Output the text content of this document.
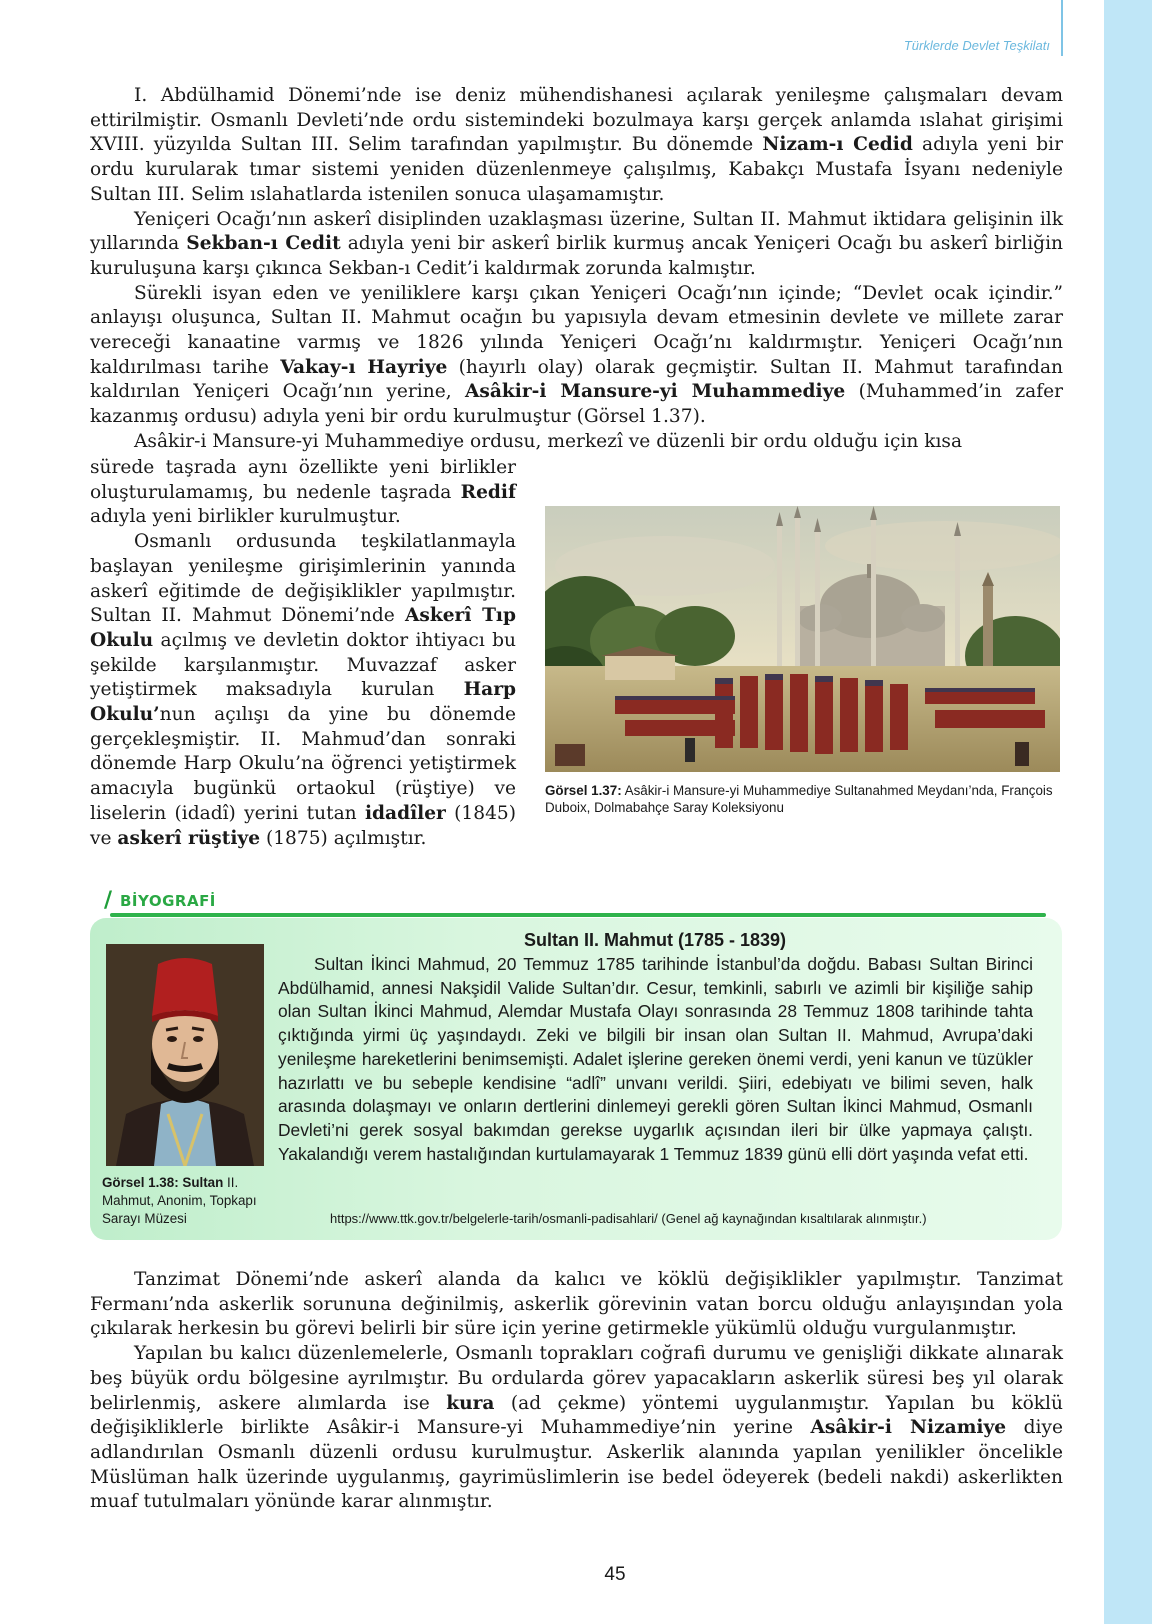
Türklerde Devlet Teşkilatı

I. Abdülhamid Dönemi’nde ise deniz mühendishanesi açılarak yenileşme çalışmaları devam ettirilmiştir. Osmanlı Devleti’nde ordu sistemindeki bozulmaya karşı gerçek anlamda ıslahat girişimi XVIII. yüzyılda Sultan III. Selim tarafından yapılmıştır. Bu dönemde Nizam-ı Cedid adıyla yeni bir ordu kurularak tımar sistemi yeniden düzenlenmeye çalışılmış, Kabakçı Mustafa İsyanı nedeniyle Sultan III. Selim ıslahatlarda istenilen sonuca ulaşamamıştır.

Yeniçeri Ocağı’nın askerî disiplinden uzaklaşması üzerine, Sultan II. Mahmut iktidara gelişinin ilk yıllarında Sekban-ı Cedit adıyla yeni bir askerî birlik kurmuş ancak Yeniçeri Ocağı bu askerî birliğin kuruluşuna karşı çıkınca Sekban-ı Cedit’i kaldırmak zorunda kalmıştır.

Sürekli isyan eden ve yeniliklere karşı çıkan Yeniçeri Ocağı’nın içinde; “Devlet ocak içindir.” anlayışı oluşunca, Sultan II. Mahmut ocağın bu yapısıyla devam etmesinin devlete ve millete zarar vereceği kanaatine varmış ve 1826 yılında Yeniçeri Ocağı’nı kaldırmıştır. Yeniçeri Ocağı’nın kaldırılması tarihe Vakay-ı Hayriye (hayırlı olay) olarak geçmiştir. Sultan II. Mahmut tarafından kaldırılan Yeniçeri Ocağı’nın yerine, Asâkir-i Mansure-yi Muhammediye (Muhammed’in zafer kazanmış ordusu) adıyla yeni bir ordu kurulmuştur (Görsel 1.37).

Asâkir-i Mansure-yi Muhammediye ordusu, merkezî ve düzenli bir ordu olduğu için kısa

sürede taşrada aynı özellikte yeni birlikler oluşturulamamış, bu nedenle taşrada Redif adıyla yeni birlikler kurulmuştur.

Osmanlı ordusunda teşkilatlanmayla başlayan yenileşme girişimlerinin yanında askerî eğitimde de değişiklikler yapılmıştır. Sultan II. Mahmut Dönemi’nde Askerî Tıp Okulu açılmış ve devletin doktor ihtiyacı bu şekilde karşılanmıştır. Muvazzaf asker yetiştirmek maksadıyla kurulan Harp Okulu’nun açılışı da yine bu dönemde gerçekleşmiştir. II. Mahmud’dan sonraki dönemde Harp Okulu’na öğrenci yetiştirmek amacıyla bugünkü ortaokul (rüştiye) ve liselerin (idadî) yerini tutan idadîler (1845) ve askerî rüştiye (1875) açılmıştır.

Görsel 1.37: Asâkir-i Mansure-yi Muhammediye Sultanahmed Meydanı’nda, François Duboix, Dolmabahçe Saray Koleksiyonu
/ BİYOGRAFİ
Görsel 1.38: Sultan II. Mahmut, Anonim, Topkapı Sarayı Müzesi
Sultan II. Mahmut (1785 - 1839)

Sultan İkinci Mahmud, 20 Temmuz 1785 tarihinde İstanbul’da doğdu. Babası Sultan Birinci Abdülhamid, annesi Nakşidil Valide Sultan’dır. Cesur, temkinli, sabırlı ve azimli bir kişiliğe sahip olan Sultan İkinci Mahmud, Alemdar Mustafa Olayı sonrasında 28 Temmuz 1808 tarihinde tahta çıktığında yirmi üç yaşındaydı. Zeki ve bilgili bir insan olan Sultan II. Mahmud, Avrupa’daki yenileşme hareketlerini benimsemişti. Adalet işlerine gereken önemi verdi, yeni kanun ve tüzükler hazırlattı ve bu sebeple kendisine “adlî” unvanı verildi. Şiiri, edebiyatı ve bilimi seven, halk arasında dolaşmayı ve onların dertlerini dinlemeyi gerekli gören Sultan İkinci Mahmud, Osmanlı Devleti’ni gerek sosyal bakımdan gerekse uygarlık açısından ileri bir ülke yapmaya çalıştı. Yakalandığı verem hastalığından kurtulamayarak 1 Temmuz 1839 günü elli dört yaşında vefat etti.

https://www.ttk.gov.tr/belgelerle-tarih/osmanli-padisahlari/ (Genel ağ kaynağından kısaltılarak alınmıştır.)

Tanzimat Dönemi’nde askerî alanda da kalıcı ve köklü değişiklikler yapılmıştır. Tanzimat Fermanı’nda askerlik sorununa değinilmiş, askerlik görevinin vatan borcu olduğu anlayışından yola çıkılarak herkesin bu görevi belirli bir süre için yerine getirmekle yükümlü olduğu vurgulanmıştır.

Yapılan bu kalıcı düzenlemelerle, Osmanlı toprakları coğrafi durumu ve genişliği dikkate alınarak beş büyük ordu bölgesine ayrılmıştır. Bu ordularda görev yapacakların askerlik süresi beş yıl olarak belirlenmiş, askere alımlarda ise kura (ad çekme) yöntemi uygulanmıştır. Yapılan bu köklü değişikliklerle birlikte Asâkir-i Mansure-yi Muhammediye’nin yerine Asâkir-i Nizamiye diye adlandırılan Osmanlı düzenli ordusu kurulmuştur. Askerlik alanında yapılan yenilikler öncelikle Müslüman halk üzerinde uygulanmış, gayrimüslimlerin ise bedel ödeyerek (bedeli nakdi) askerlikten muaf tutulmaları yönünde karar alınmıştır.

45
